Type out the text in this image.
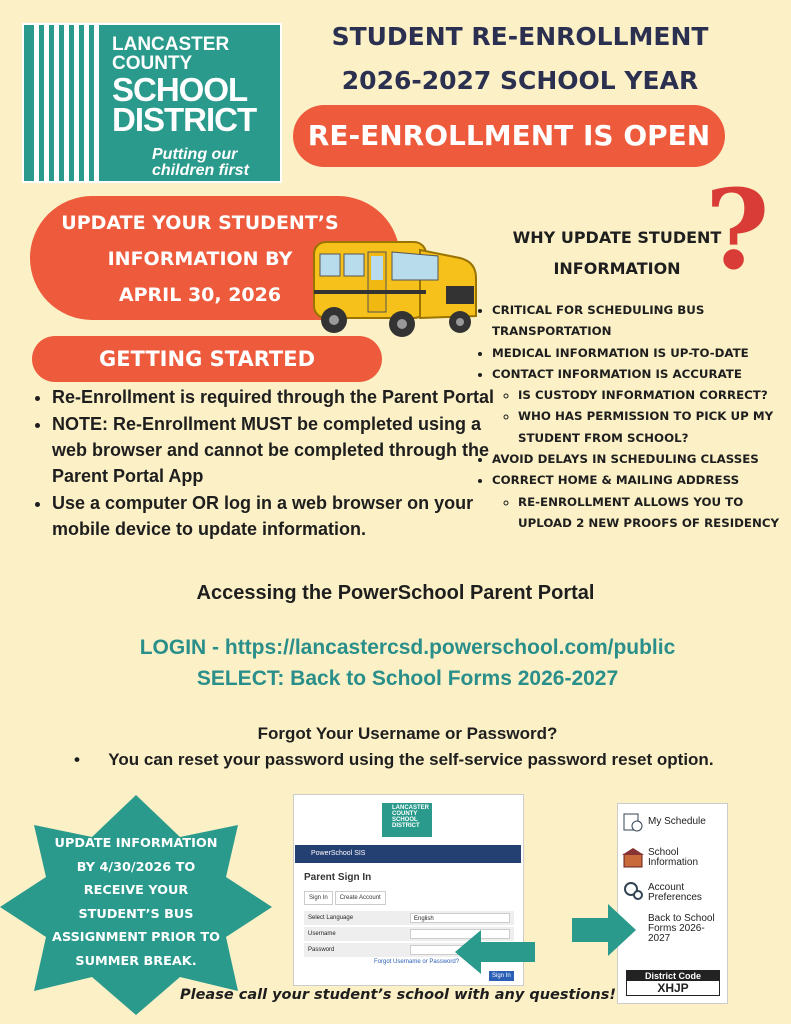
LANCASTER
COUNTY
SCHOOL
DISTRICT
Putting our
children first
STUDENT RE-ENROLLMENT
2026-2027 SCHOOL YEAR
RE-ENROLLMENT IS OPEN
UPDATE YOUR STUDENT’S
INFORMATION BY
APRIL 30, 2026
GETTING STARTED
• Re-Enrollment is required through the Parent Portal
• NOTE: Re-Enrollment MUST be completed using a web browser and cannot be completed through the Parent Portal App
• Use a computer OR log in a web browser on your mobile device to update information.
?
WHY UPDATE STUDENT
INFORMATION
• CRITICAL FOR SCHEDULING BUS TRANSPORTATION
• MEDICAL INFORMATION IS UP-TO-DATE
• CONTACT INFORMATION IS ACCURATE
◦ IS CUSTODY INFORMATION CORRECT?
◦ WHO HAS PERMISSION TO PICK UP MY STUDENT FROM SCHOOL?
• AVOID DELAYS IN SCHEDULING CLASSES
• CORRECT HOME & MAILING ADDRESS
◦ RE-ENROLLMENT ALLOWS YOU TO UPLOAD 2 NEW PROOFS OF RESIDENCY
Accessing the PowerSchool Parent Portal
LOGIN - https://lancastercsd.powerschool.com/public
SELECT: Back to School Forms 2026-2027
Forgot Your Username or Password?
•      You can reset your password using the self-service password reset option.
UPDATE INFORMATION
BY 4/30/2026 TO
RECEIVE YOUR
STUDENT’S BUS
ASSIGNMENT PRIOR TO
SUMMER BREAK.
LANCASTER
COUNTY
SCHOOL
DISTRICT
PowerSchool SIS
Parent Sign In
Sign In Create Account
Select Language	English
Username
Password
Forgot Username or Password?
Sign In
My Schedule
School Information
Account Preferences
Back to School Forms 2026-2027
District Code
XHJP
Please call your student’s school with any questions!
